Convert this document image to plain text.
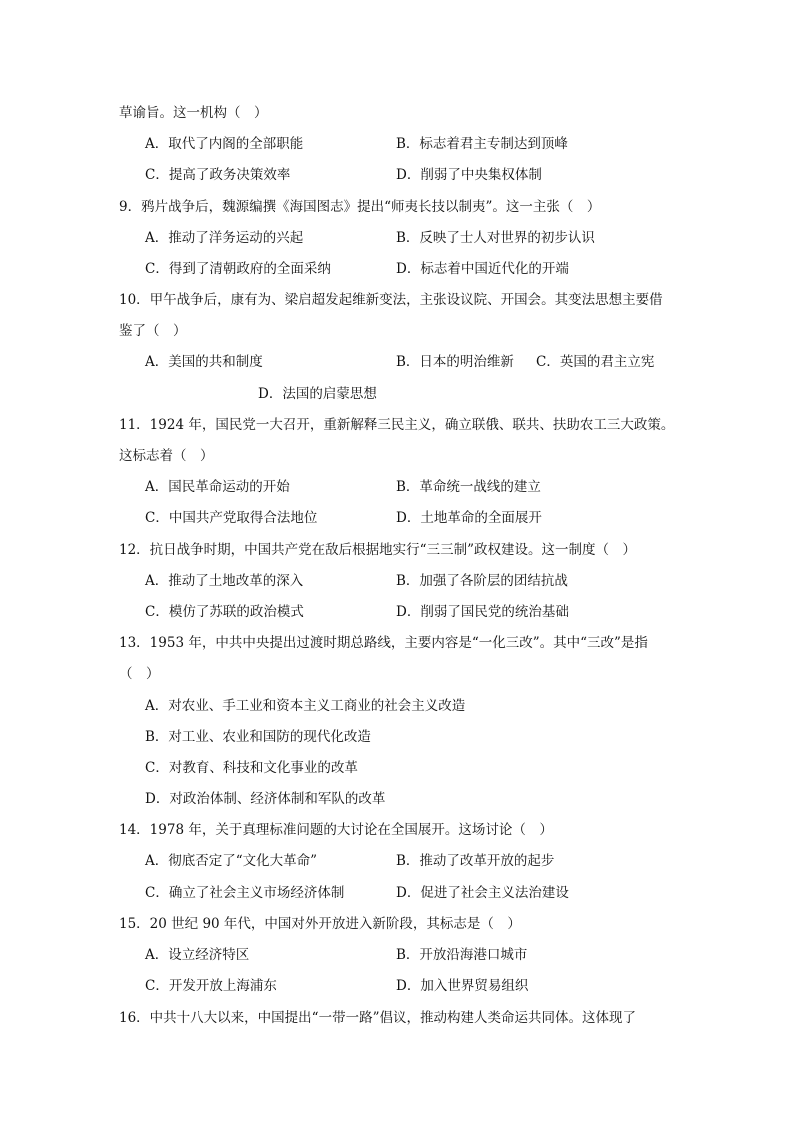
草谕旨。这一机构（　）
A．取代了内阁的全部职能	B．标志着君主专制达到顶峰
C．提高了政务决策效率	D．削弱了中央集权体制
9．鸦片战争后，魏源编撰《海国图志》提出“师夷长技以制夷”。这一主张（　）
A．推动了洋务运动的兴起	B．反映了士人对世界的初步认识
C．得到了清朝政府的全面采纳	D．标志着中国近代化的开端
10．甲午战争后，康有为、梁启超发起维新变法，主张设议院、开国会。其变法思想主要借
鉴了（　）
A．美国的共和制度	B．日本的明治维新 C．英国的君主立宪
D．法国的启蒙思想
11．1924 年，国民党一大召开，重新解释三民主义，确立联俄、联共、扶助农工三大政策。
这标志着（　）
A．国民革命运动的开始	B．革命统一战线的建立
C．中国共产党取得合法地位	D．土地革命的全面展开
12．抗日战争时期，中国共产党在敌后根据地实行“三三制”政权建设。这一制度（　）
A．推动了土地改革的深入	B．加强了各阶层的团结抗战
C．模仿了苏联的政治模式	D．削弱了国民党的统治基础
13．1953 年，中共中央提出过渡时期总路线，主要内容是“一化三改”。其中“三改”是指
（　）
A．对农业、手工业和资本主义工商业的社会主义改造
B．对工业、农业和国防的现代化改造
C．对教育、科技和文化事业的改革
D．对政治体制、经济体制和军队的改革
14．1978 年，关于真理标准问题的大讨论在全国展开。这场讨论（　）
A．彻底否定了“文化大革命”	B．推动了改革开放的起步
C．确立了社会主义市场经济体制	D．促进了社会主义法治建设
15．20 世纪 90 年代，中国对外开放进入新阶段，其标志是（　）
A．设立经济特区	B．开放沿海港口城市
C．开发开放上海浦东	D．加入世界贸易组织
16．中共十八大以来，中国提出“一带一路”倡议，推动构建人类命运共同体。这体现了
